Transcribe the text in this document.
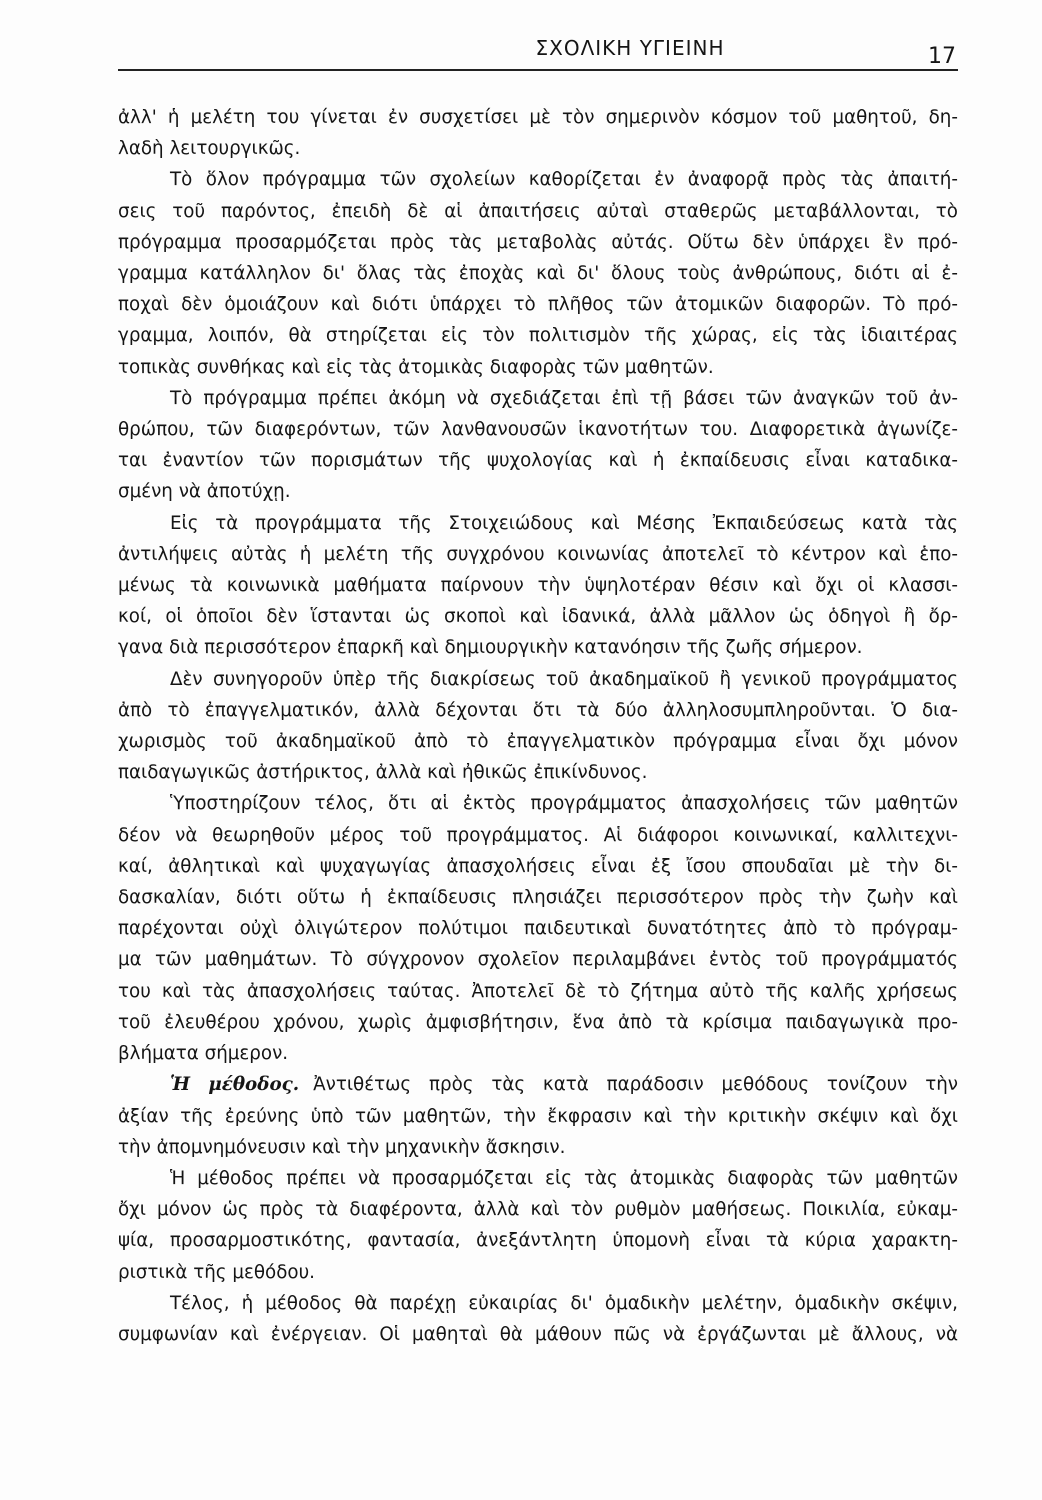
ΣΧΟΛΙΚΗ ΥΓΙΕΙΝΗ	17
ἀλλ' ἡ μελέτη του γίνεται ἐν συσχετίσει μὲ τὸν σημερινὸν κόσμον τοῦ μαθητοῦ, δη-
λαδὴ λειτουργικῶς.
Τὸ ὅλον πρόγραμμα τῶν σχολείων καθορίζεται ἐν ἀναφορᾷ πρὸς τὰς ἀπαιτή-
σεις τοῦ παρόντος, ἐπειδὴ δὲ αἱ ἀπαιτήσεις αὐταὶ σταθερῶς μεταβάλλονται, τὸ
πρόγραμμα προσαρμόζεται πρὸς τὰς μεταβολὰς αὐτάς. Οὕτω δὲν ὑπάρχει ἓν πρό-
γραμμα κατάλληλον δι' ὅλας τὰς ἐποχὰς καὶ δι' ὅλους τοὺς ἀνθρώπους, διότι αἱ ἐ-
ποχαὶ δὲν ὁμοιάζουν καὶ διότι ὑπάρχει τὸ πλῆθος τῶν ἀτομικῶν διαφορῶν. Τὸ πρό-
γραμμα, λοιπόν, θὰ στηρίζεται εἰς τὸν πολιτισμὸν τῆς χώρας, εἰς τὰς ἰδιαιτέρας
τοπικὰς συνθήκας καὶ εἰς τὰς ἀτομικὰς διαφορὰς τῶν μαθητῶν.
Τὸ πρόγραμμα πρέπει ἀκόμη νὰ σχεδιάζεται ἐπὶ τῇ βάσει τῶν ἀναγκῶν τοῦ ἀν-
θρώπου, τῶν διαφερόντων, τῶν λανθανουσῶν ἱκανοτήτων του. Διαφορετικὰ ἀγωνίζε-
ται ἐναντίον τῶν πορισμάτων τῆς ψυχολογίας καὶ ἡ ἐκπαίδευσις εἶναι καταδικα-
σμένη νὰ ἀποτύχῃ.
Εἰς τὰ προγράμματα τῆς Στοιχειώδους καὶ Μέσης Ἐκπαιδεύσεως κατὰ τὰς
ἀντιλήψεις αὐτὰς ἡ μελέτη τῆς συγχρόνου κοινωνίας ἀποτελεῖ τὸ κέντρον καὶ ἑπο-
μένως τὰ κοινωνικὰ μαθήματα παίρνουν τὴν ὑψηλοτέραν θέσιν καὶ ὄχι οἱ κλασσι-
κοί, οἱ ὁποῖοι δὲν ἵστανται ὡς σκοποὶ καὶ ἰδανικά, ἀλλὰ μᾶλλον ὡς ὁδηγοὶ ἢ ὄρ-
γανα διὰ περισσότερον ἐπαρκῆ καὶ δημιουργικὴν κατανόησιν τῆς ζωῆς σήμερον.
Δὲν συνηγοροῦν ὑπὲρ τῆς διακρίσεως τοῦ ἀκαδημαϊκοῦ ἢ γενικοῦ προγράμματος
ἀπὸ τὸ ἐπαγγελματικόν, ἀλλὰ δέχονται ὅτι τὰ δύο ἀλληλοσυμπληροῦνται. Ὁ δια-
χωρισμὸς τοῦ ἀκαδημαϊκοῦ ἀπὸ τὸ ἐπαγγελματικὸν πρόγραμμα εἶναι ὄχι μόνον
παιδαγωγικῶς ἀστήρικτος, ἀλλὰ καὶ ἠθικῶς ἐπικίνδυνος.
Ὑποστηρίζουν τέλος, ὅτι αἱ ἐκτὸς προγράμματος ἀπασχολήσεις τῶν μαθητῶν
δέον νὰ θεωρηθοῦν μέρος τοῦ προγράμματος. Αἱ διάφοροι κοινωνικαί, καλλιτεχνι-
καί, ἀθλητικαὶ καὶ ψυχαγωγίας ἀπασχολήσεις εἶναι ἐξ ἴσου σπουδαῖαι μὲ τὴν δι-
δασκαλίαν, διότι οὕτω ἡ ἐκπαίδευσις πλησιάζει περισσότερον πρὸς τὴν ζωὴν καὶ
παρέχονται οὐχὶ ὀλιγώτερον πολύτιμοι παιδευτικαὶ δυνατότητες ἀπὸ τὸ πρόγραμ-
μα τῶν μαθημάτων. Τὸ σύγχρονον σχολεῖον περιλαμβάνει ἐντὸς τοῦ προγράμματός
του καὶ τὰς ἀπασχολήσεις ταύτας. Ἀποτελεῖ δὲ τὸ ζήτημα αὐτὸ τῆς καλῆς χρήσεως
τοῦ ἐλευθέρου χρόνου, χωρὶς ἀμφισβήτησιν, ἕνα ἀπὸ τὰ κρίσιμα παιδαγωγικὰ προ-
βλήματα σήμερον.
Ἡ μέθοδος. Ἀντιθέτως πρὸς τὰς κατὰ παράδοσιν μεθόδους τονίζουν τὴν
ἀξίαν τῆς ἐρεύνης ὑπὸ τῶν μαθητῶν, τὴν ἔκφρασιν καὶ τὴν κριτικὴν σκέψιν καὶ ὄχι
τὴν ἀπομνημόνευσιν καὶ τὴν μηχανικὴν ἄσκησιν.
Ἡ μέθοδος πρέπει νὰ προσαρμόζεται εἰς τὰς ἀτομικὰς διαφορὰς τῶν μαθητῶν
ὄχι μόνον ὡς πρὸς τὰ διαφέροντα, ἀλλὰ καὶ τὸν ρυθμὸν μαθήσεως. Ποικιλία, εὐκαμ-
ψία, προσαρμοστικότης, φαντασία, ἀνεξάντλητη ὑπομονὴ εἶναι τὰ κύρια χαρακτη-
ριστικὰ τῆς μεθόδου.
Τέλος, ἡ μέθοδος θὰ παρέχῃ εὐκαιρίας δι' ὁμαδικὴν μελέτην, ὁμαδικὴν σκέψιν,
συμφωνίαν καὶ ἐνέργειαν. Οἱ μαθηταὶ θὰ μάθουν πῶς νὰ ἐργάζωνται μὲ ἄλλους, νὰ
